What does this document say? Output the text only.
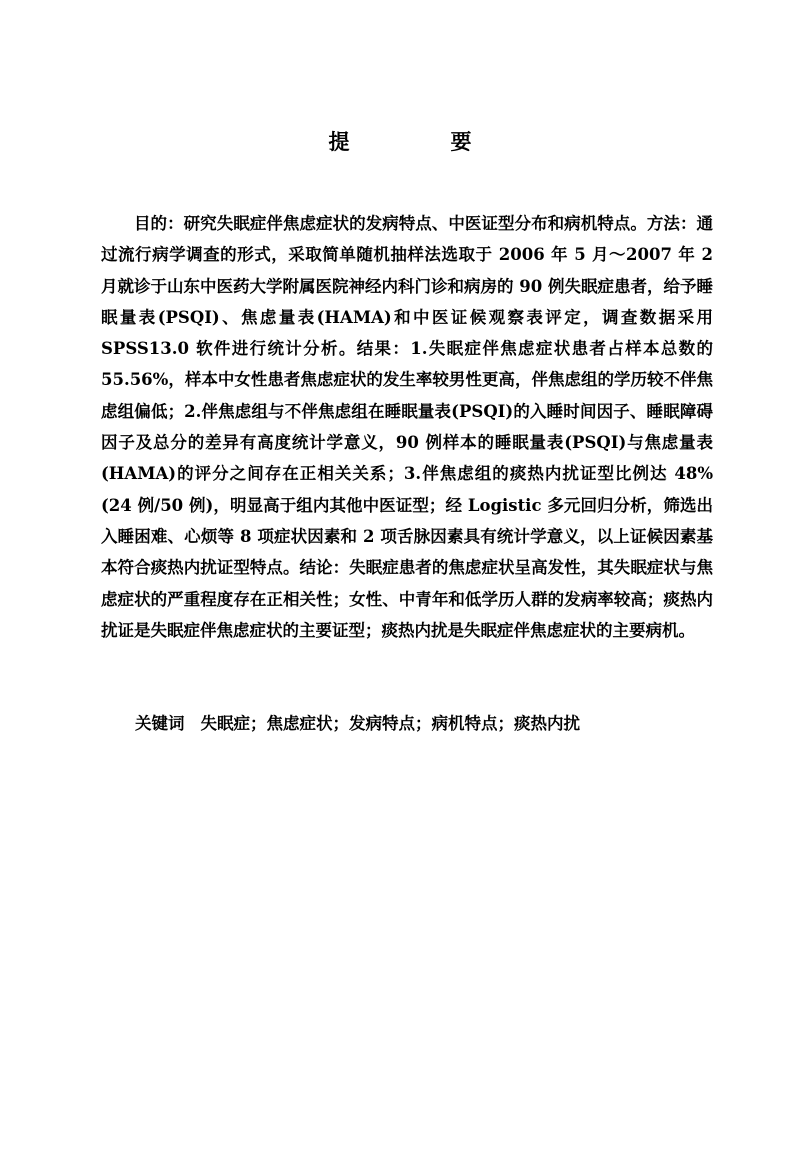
提　要

目的：研究失眠症伴焦虑症状的发病特点、中医证型分布和病机特点。方法：通过流行病学调查的形式，采取简单随机抽样法选取于 2006 年 5 月～2007 年 2 月就诊于山东中医药大学附属医院神经内科门诊和病房的 90 例失眠症患者，给予睡眠量表(PSQI)、焦虑量表(HAMA)和中医证候观察表评定，调查数据采用 SPSS13.0 软件进行统计分析。结果：1.失眠症伴焦虑症状患者占样本总数的 55.56%，样本中女性患者焦虑症状的发生率较男性更高，伴焦虑组的学历较不伴焦虑组偏低；2.伴焦虑组与不伴焦虑组在睡眠量表(PSQI)的入睡时间因子、睡眠障碍因子及总分的差异有高度统计学意义，90 例样本的睡眠量表(PSQI)与焦虑量表(HAMA)的评分之间存在正相关关系；3.伴焦虑组的痰热内扰证型比例达 48%(24 例/50 例)，明显高于组内其他中医证型；经 Logistic 多元回归分析，筛选出入睡困难、心烦等 8 项症状因素和 2 项舌脉因素具有统计学意义，以上证候因素基本符合痰热内扰证型特点。结论：失眠症患者的焦虑症状呈高发性，其失眠症状与焦虑症状的严重程度存在正相关性；女性、中青年和低学历人群的发病率较高；痰热内扰证是失眠症伴焦虑症状的主要证型；痰热内扰是失眠症伴焦虑症状的主要病机。

关键词 失眠症；焦虑症状；发病特点；病机特点；痰热内扰
